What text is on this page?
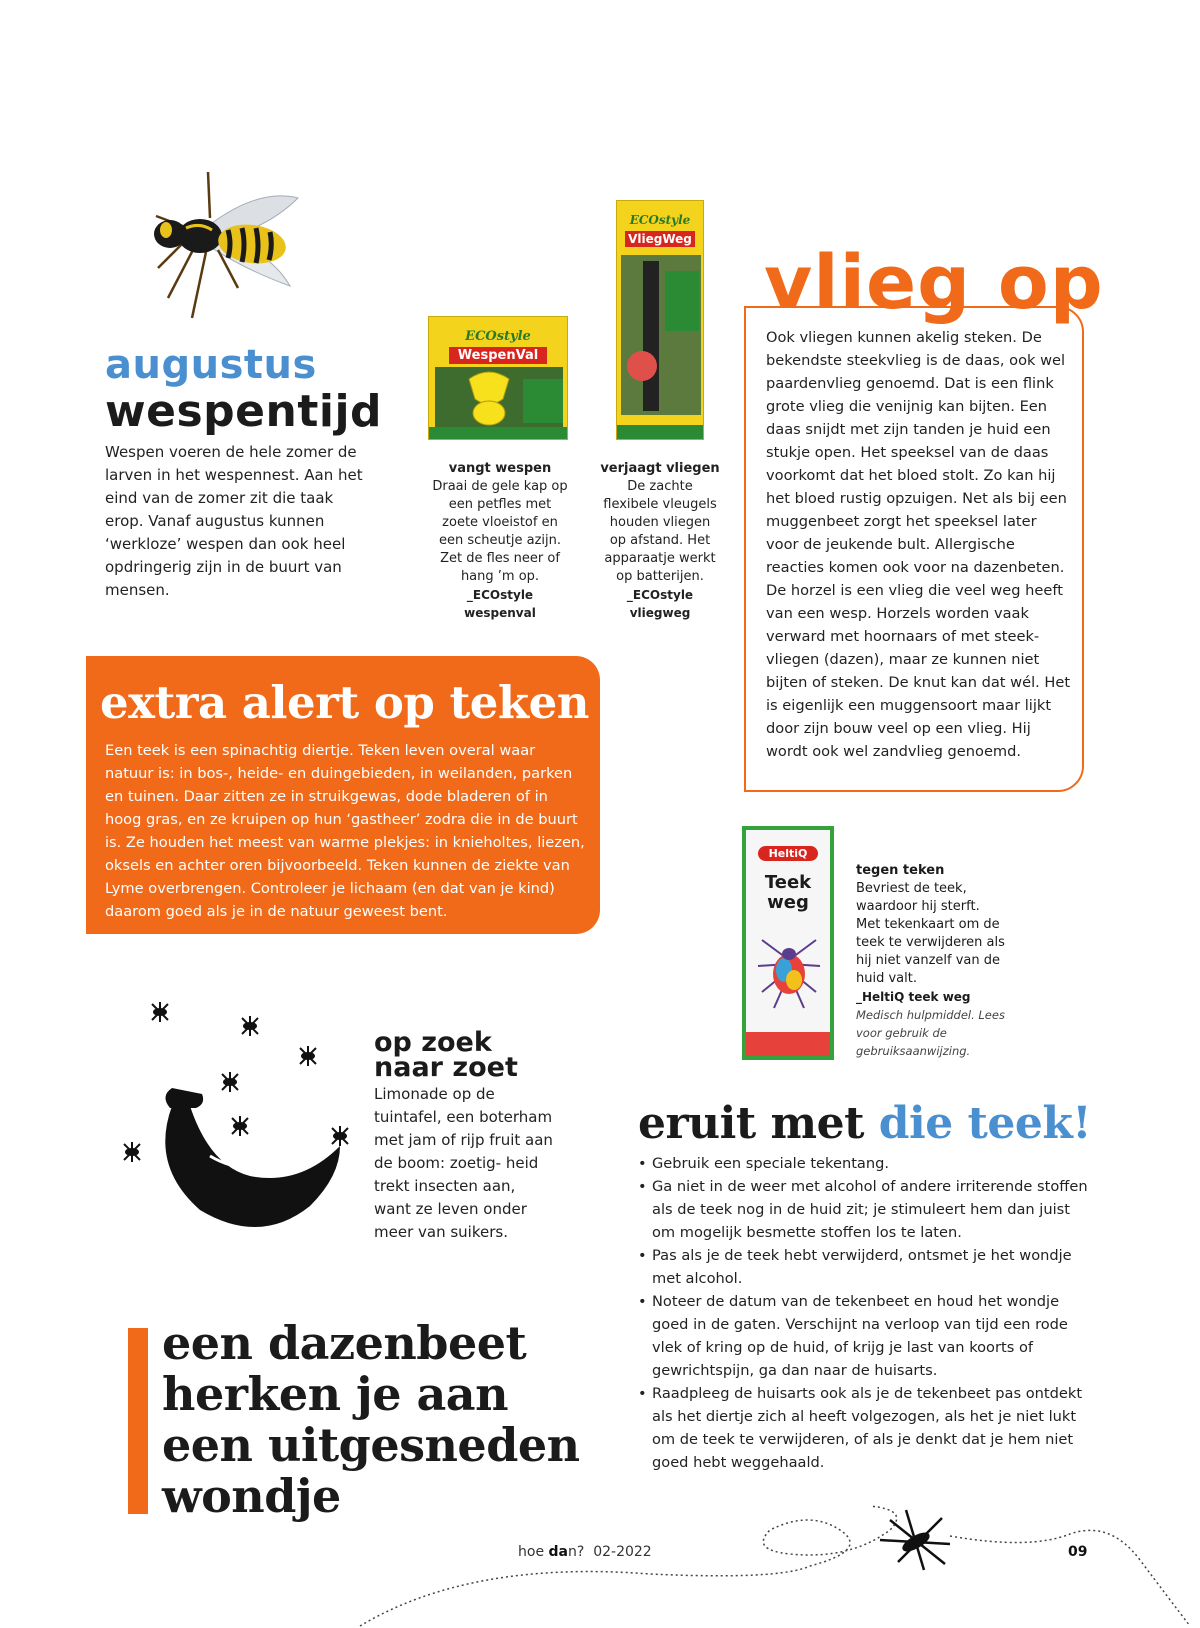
augustus
wespentijd
Wespen voeren de hele zomer de larven in het wespennest. Aan het eind van de zomer zit die taak erop. Vanaf augustus kunnen ‘werkloze’ wespen dan ook heel opdringerig zijn in de buurt van mensen.
ECOstyle
WespenVal
vangt wespen
Draai de gele kap op een petfles met zoete vloeistof en een scheutje azijn. Zet de fles neer of hang ’m op.
_ECOstyle wespenval
ECOstyle
VliegWeg
verjaagt vliegen
De zachte flexibele vleugels houden vliegen op afstand. Het apparaatje werkt op batterijen.
_ECOstyle vliegweg
vlieg op
Ook vliegen kunnen akelig steken. De bekendste steekvlieg is de daas, ook wel paardenvlieg genoemd. Dat is een flink grote vlieg die venijnig kan bijten. Een daas snijdt met zijn tanden je huid een stukje open. Het speeksel van de daas voorkomt dat het bloed stolt. Zo kan hij het bloed rustig opzuigen. Net als bij een muggenbeet zorgt het speeksel later voor de jeukende bult. Allergische reacties komen ook voor na dazenbeten. De horzel is een vlieg die veel weg heeft van een wesp. Horzels worden vaak verward met hoornaars of met steek- vliegen (dazen), maar ze kunnen niet bijten of steken. De knut kan dat wél. Het is eigenlijk een muggensoort maar lijkt door zijn bouw veel op een vlieg. Hij wordt ook wel zandvlieg genoemd.
extra alert op teken
Een teek is een spinachtig diertje. Teken leven overal waar natuur is: in bos-, heide- en duingebieden, in weilanden, parken en tuinen. Daar zitten ze in struikgewas, dode bladeren of in hoog gras, en ze kruipen op hun ‘gastheer’ zodra die in de buurt is. Ze houden het meest van warme plekjes: in knieholtes, liezen, oksels en achter oren bijvoorbeeld. Teken kunnen de ziekte van Lyme overbrengen. Controleer je lichaam (en dat van je kind) daarom goed als je in de natuur geweest bent.
HeltiQ
Teek
weg
tegen teken
Bevriest de teek, waardoor hij sterft. Met tekenkaart om de teek te verwijderen als hij niet vanzelf van de huid valt.
_HeltiQ teek weg
Medisch hulpmiddel. Lees voor gebruik de gebruiksaanwijzing.
op zoek
naar zoet
Limonade op de tuintafel, een boterham met jam of rijp fruit aan de boom: zoetig- heid trekt insecten aan, want ze leven onder meer van suikers.
eruit met die teek!
• Gebruik een speciale tekentang.
• Ga niet in de weer met alcohol of andere irriterende stoffen als de teek nog in de huid zit; je stimuleert hem dan juist om mogelijk besmette stoffen los te laten.
• Pas als je de teek hebt verwijderd, ontsmet je het wondje met alcohol.
• Noteer de datum van de tekenbeet en houd het wondje goed in de gaten. Verschijnt na verloop van tijd een rode vlek of kring op de huid, of krijg je last van koorts of gewrichtspijn, ga dan naar de huisarts.
• Raadpleeg de huisarts ook als je de tekenbeet pas ontdekt als het diertje zich al heeft volgezogen, als het je niet lukt om de teek te verwijderen, of als je denkt dat je hem niet goed hebt weggehaald.
een dazenbeet
herken je aan
een uitgesneden
wondje
hoe dan? 02-2022	09
